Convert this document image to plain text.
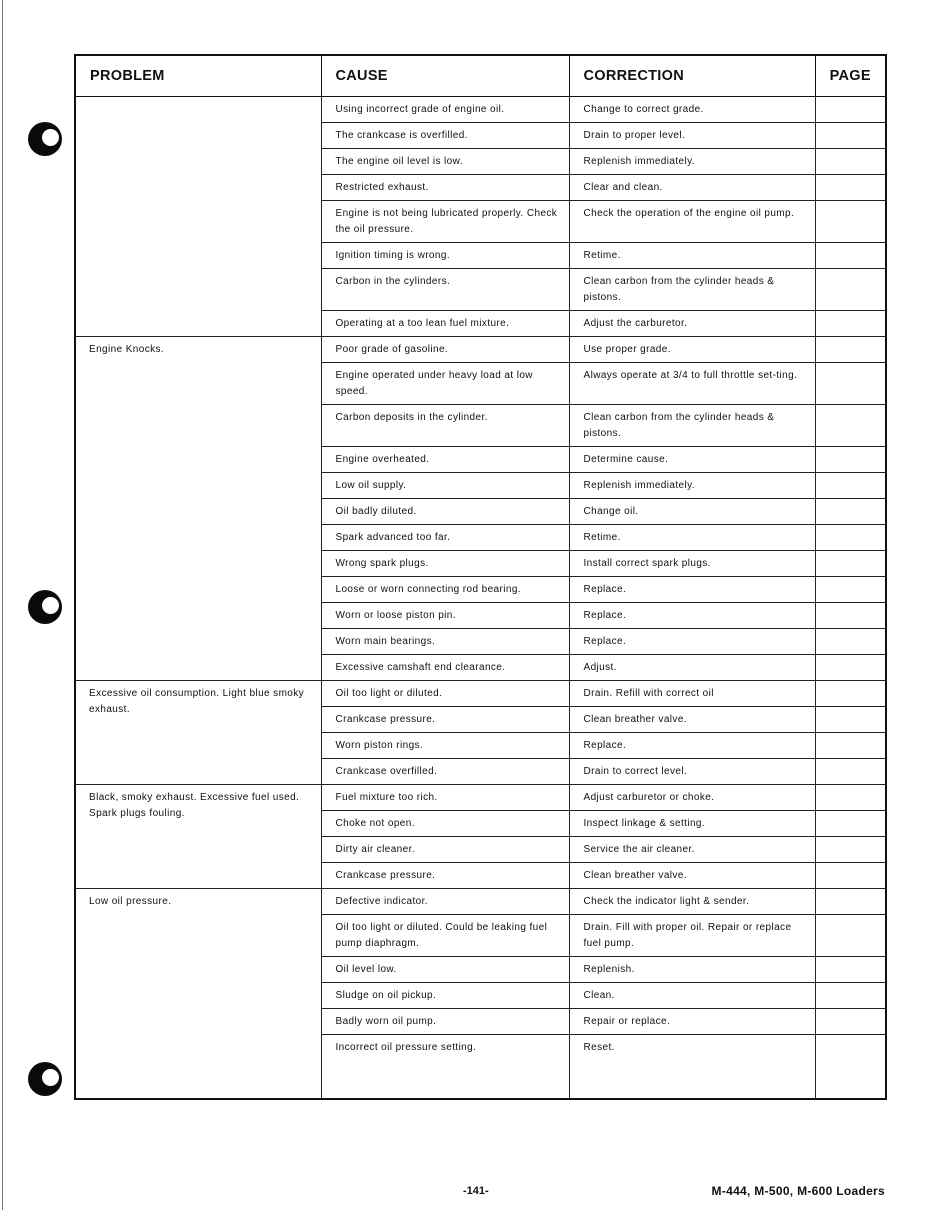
PROBLEM	CAUSE	CORRECTION	PAGE
	Using incorrect grade of engine oil.	Change to correct grade.	
	The crankcase is overfilled.	Drain to proper level.	
	The engine oil level is low.	Replenish immediately.	
	Restricted exhaust.	Clear and clean.	
	Engine is not being lubricated properly. Check the oil pressure.	Check the operation of the engine oil pump.	
	Ignition timing is wrong.	Retime.	
	Carbon in the cylinders.	Clean carbon from the cylinder heads & pistons.	
	Operating at a too lean fuel mixture.	Adjust the carburetor.	
Engine Knocks.	Poor grade of gasoline.	Use proper grade.	
	Engine operated under heavy load at low speed.	Always operate at 3/4 to full throttle set-ting.	
	Carbon deposits in the cylinder.	Clean carbon from the cylinder heads & pistons.	
	Engine overheated.	Determine cause.	
	Low oil supply.	Replenish immediately.	
	Oil badly diluted.	Change oil.	
	Spark advanced too far.	Retime.	
	Wrong spark plugs.	Install correct spark plugs.	
	Loose or worn connecting rod bearing.	Replace.	
	Worn or loose piston pin.	Replace.	
	Worn main bearings.	Replace.	
	Excessive camshaft end clearance.	Adjust.	
Excessive oil consumption. Light blue smoky exhaust.	Oil too light or diluted.	Drain. Refill with correct oil	
	Crankcase pressure.	Clean breather valve.	
	Worn piston rings.	Replace.	
	Crankcase overfilled.	Drain to correct level.	
Black, smoky exhaust. Excessive fuel used. Spark plugs fouling.	Fuel mixture too rich.	Adjust carburetor or choke.	
	Choke not open.	Inspect linkage & setting.	
	Dirty air cleaner.	Service the air cleaner.	
	Crankcase pressure.	Clean breather valve.	
Low oil pressure.	Defective indicator.	Check the indicator light & sender.	
	Oil too light or diluted. Could be leaking fuel pump diaphragm.	Drain. Fill with proper oil. Repair or replace fuel pump.	
	Oil level low.	Replenish.	
	Sludge on oil pickup.	Clean.	
	Badly worn oil pump.	Repair or replace.	
	Incorrect oil pressure setting.	Reset.	
-141-	M-444, M-500, M-600 Loaders
